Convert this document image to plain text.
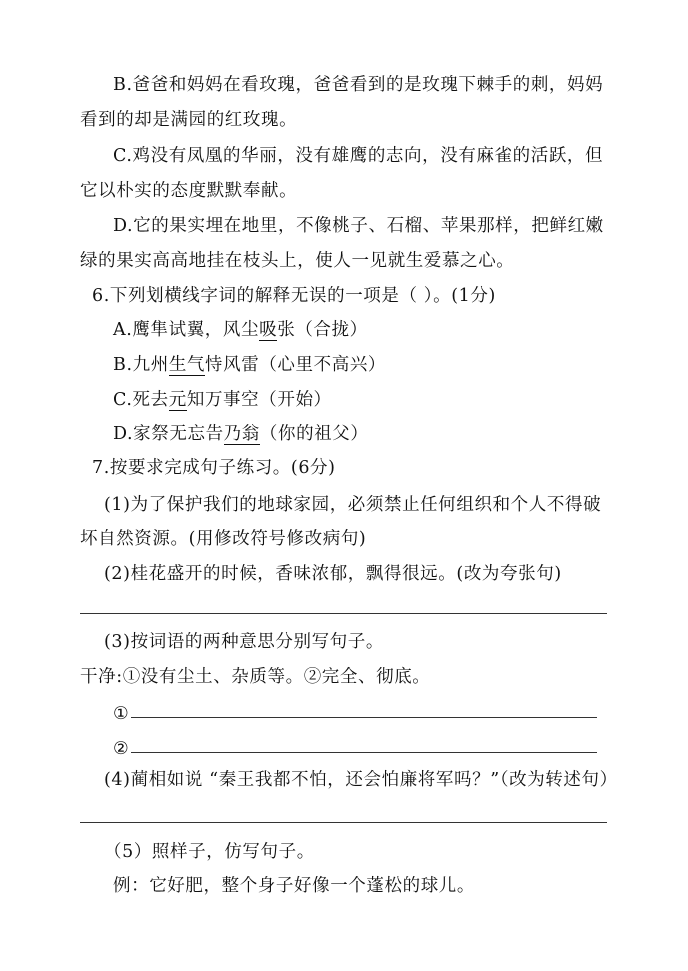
B.爸爸和妈妈在看玫瑰，爸爸看到的是玫瑰下棘手的刺，妈妈
看到的却是满园的红玫瑰。
C.鸡没有凤凰的华丽，没有雄鹰的志向，没有麻雀的活跃，但
它以朴实的态度默默奉献。
D.它的果实埋在地里，不像桃子、石榴、苹果那样，把鲜红嫩
绿的果实高高地挂在枝头上，使人一见就生爱慕之心。
6.下列划横线字词的解释无误的一项是（ ）。(1分)
A.鹰隼试翼，风尘吸张（合拢）
B.九州生气恃风雷（心里不高兴）
C.死去元知万事空（开始）
D.家祭无忘告乃翁（你的祖父）
7.按要求完成句子练习。(6分)
(1)为了保护我们的地球家园，必须禁止任何组织和个人不得破
坏自然资源。(用修改符号修改病句)
(2)桂花盛开的时候，香味浓郁，飘得很远。(改为夸张句)
(3)按词语的两种意思分别写句子。
干净:①没有尘土、杂质等。②完全、彻底。
①
②
(4)蔺相如说 “秦王我都不怕，还会怕廉将军吗？”（改为转述句）
（5）照样子，仿写句子。
例：它好肥，整个身子好像一个蓬松的球儿。
